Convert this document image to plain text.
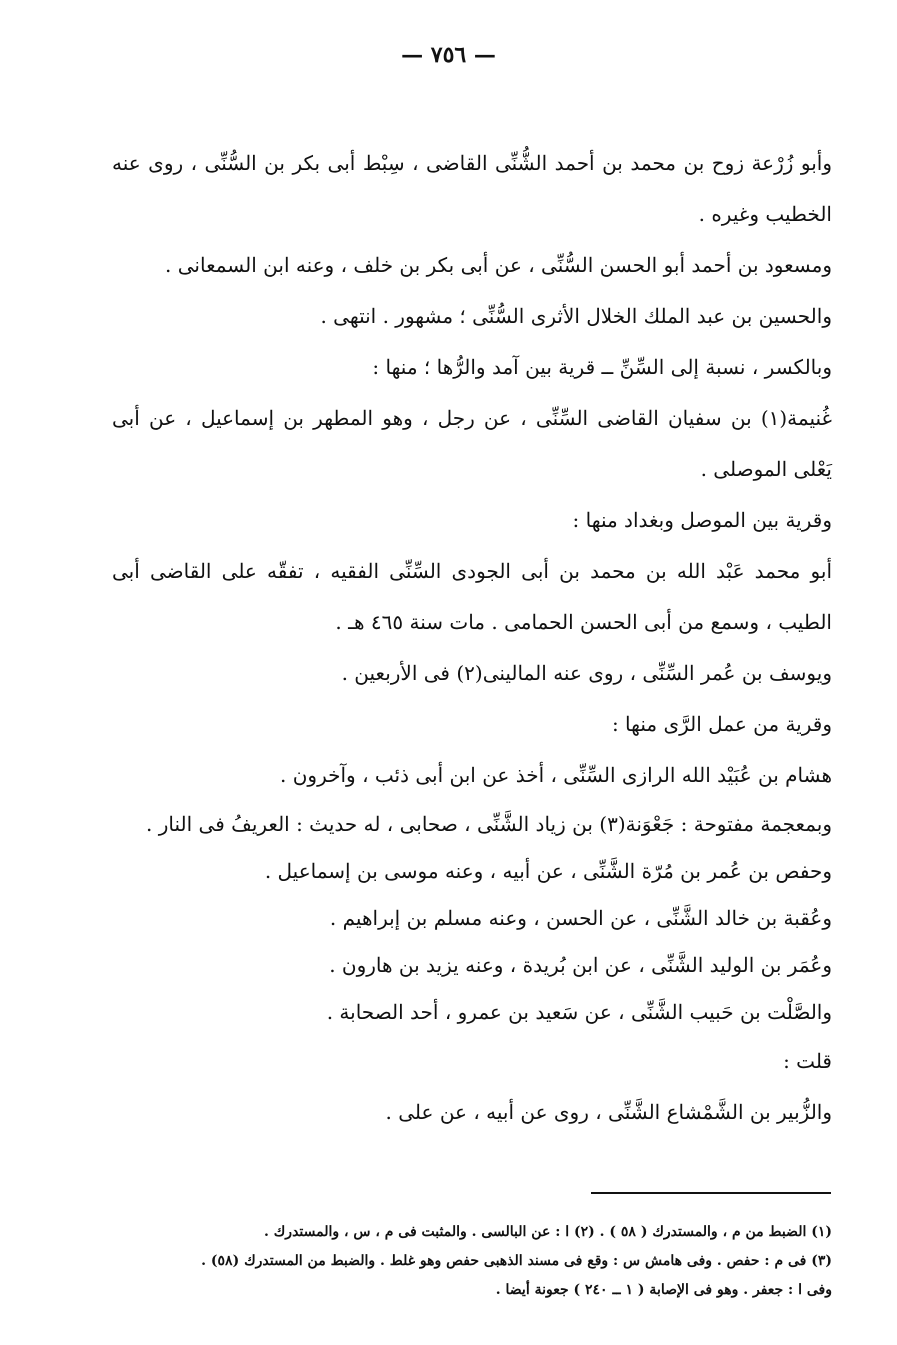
— ٧٥٦ —

وأبو زُرْعة زوح بن محمد بن أحمد الشُّنِّى القاضى ، سِبْط أبى بكر بن السُّنِّى ، روى عنه الخطيب وغيره .

ومسعود بن أحمد أبو الحسن السُّنِّى ، عن أبى بكر بن خلف ، وعنه ابن السمعانى .

والحسين بن عبد الملك الخلال الأثرى السُّنِّى ؛ مشهور . انتهى .

وبالكسر ، نسبة إلى السِّنِّ ــ قرية بين آمد والرُّها ؛ منها :

غُنيمة(١) بن سفيان القاضى السِّنِّى ، عن رجل ، وهو المطهر بن إسماعيل ، عن أبى يَعْلى الموصلى .

وقرية بين الموصل وبغداد منها :

أبو محمد عَبْد الله بن محمد بن أبى الجودى السِّنِّى الفقيه ، تفقّه على القاضى أبى الطيب ، وسمع من أبى الحسن الحمامى . مات سنة ٤٦٥ هـ .

ويوسف بن عُمر السِّنِّى ، روى عنه المالينى(٢) فى الأربعين .

وقرية من عمل الرَّى منها :

هشام بن عُبَيْد الله الرازى السِّنِّى ، أخذ عن ابن أبى ذئب ، وآخرون .

وبمعجمة مفتوحة : جَعْوَنة(٣) بن زياد الشَّنِّى ، صحابى ، له حديث : العريفُ فى النار .

وحفص بن عُمر بن مُرّة الشَّنِّى ، عن أبيه ، وعنه موسى بن إسماعيل .

وعُقبة بن خالد الشَّنِّى ، عن الحسن ، وعنه مسلم بن إبراهيم .

وعُمَر بن الوليد الشَّنِّى ، عن ابن بُريدة ، وعنه يزيد بن هارون .

والصَّلْت بن حَبيب الشَّنِّى ، عن سَعيد بن عمرو ، أحد الصحابة .

قلت :

والزُّبير بن الشَّمْشاع الشَّنِّى ، روى عن أبيه ، عن على .

(١) الضبط من م ، والمستدرك ( ٥٨ ) . (٢) ا : عن البالسى . والمثبت فى م ، س ، والمستدرك .

(٣) فى م : حفص . وفى هامش س : وقع فى مسند الذهبى حفص وهو غلط . والضبط من المستدرك (٥٨) .

وفى ا : جعفر . وهو فى الإصابة ( ١ ــ ٢٤٠ ) جعونة أيضا .
